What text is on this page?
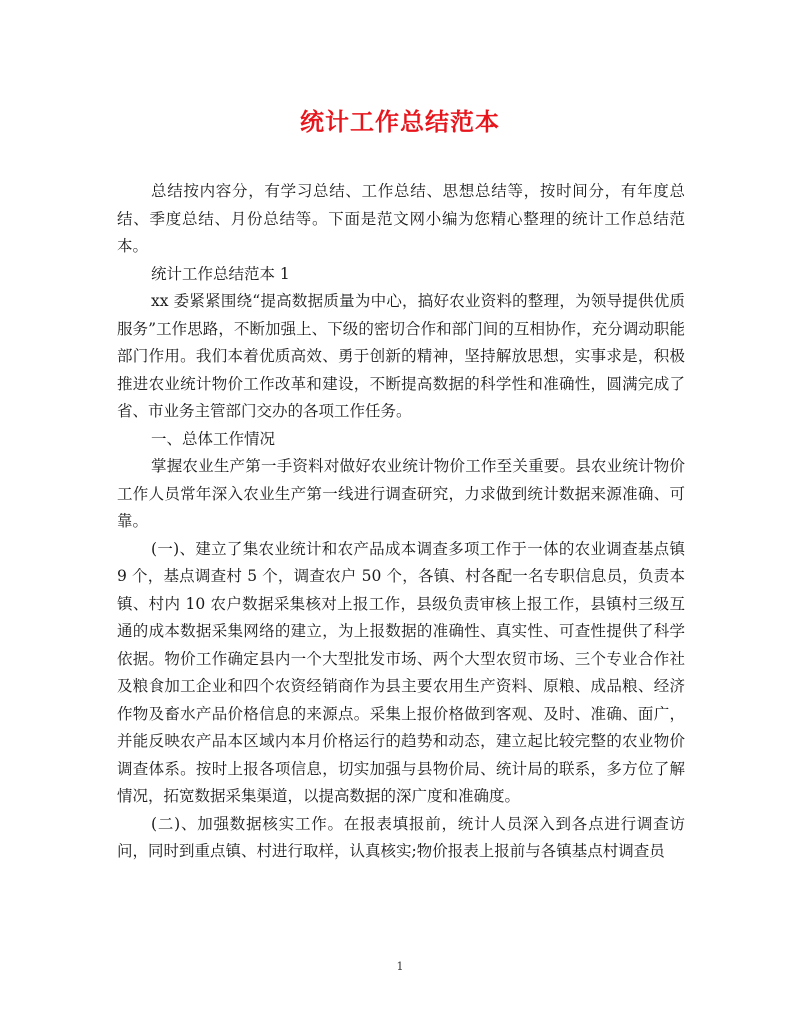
统计工作总结范本

总结按内容分，有学习总结、工作总结、思想总结等，按时间分，有年度总结、季度总结、月份总结等。下面是范文网小编为您精心整理的统计工作总结范本。

统计工作总结范本 1

xx 委紧紧围绕“提高数据质量为中心，搞好农业资料的整理，为领导提供优质服务”工作思路，不断加强上、下级的密切合作和部门间的互相协作，充分调动职能部门作用。我们本着优质高效、勇于创新的精神，坚持解放思想，实事求是，积极推进农业统计物价工作改革和建设，不断提高数据的科学性和准确性，圆满完成了省、市业务主管部门交办的各项工作任务。

一、总体工作情况

掌握农业生产第一手资料对做好农业统计物价工作至关重要。县农业统计物价工作人员常年深入农业生产第一线进行调查研究，力求做到统计数据来源准确、可靠。

(一)、建立了集农业统计和农产品成本调查多项工作于一体的农业调查基点镇 9 个，基点调查村 5 个，调查农户 50 个，各镇、村各配一名专职信息员，负责本镇、村内 10 农户数据采集核对上报工作，县级负责审核上报工作，县镇村三级互通的成本数据采集网络的建立，为上报数据的准确性、真实性、可查性提供了科学依据。物价工作确定县内一个大型批发市场、两个大型农贸市场、三个专业合作社及粮食加工企业和四个农资经销商作为县主要农用生产资料、原粮、成品粮、经济作物及畜水产品价格信息的来源点。采集上报价格做到客观、及时、准确、面广，并能反映农产品本区域内本月价格运行的趋势和动态，建立起比较完整的农业物价调查体系。按时上报各项信息，切实加强与县物价局、统计局的联系，多方位了解情况，拓宽数据采集渠道，以提高数据的深广度和准确度。

(二)、加强数据核实工作。在报表填报前，统计人员深入到各点进行调查访问，同时到重点镇、村进行取样，认真核实;物价报表上报前与各镇基点村调查员

1
